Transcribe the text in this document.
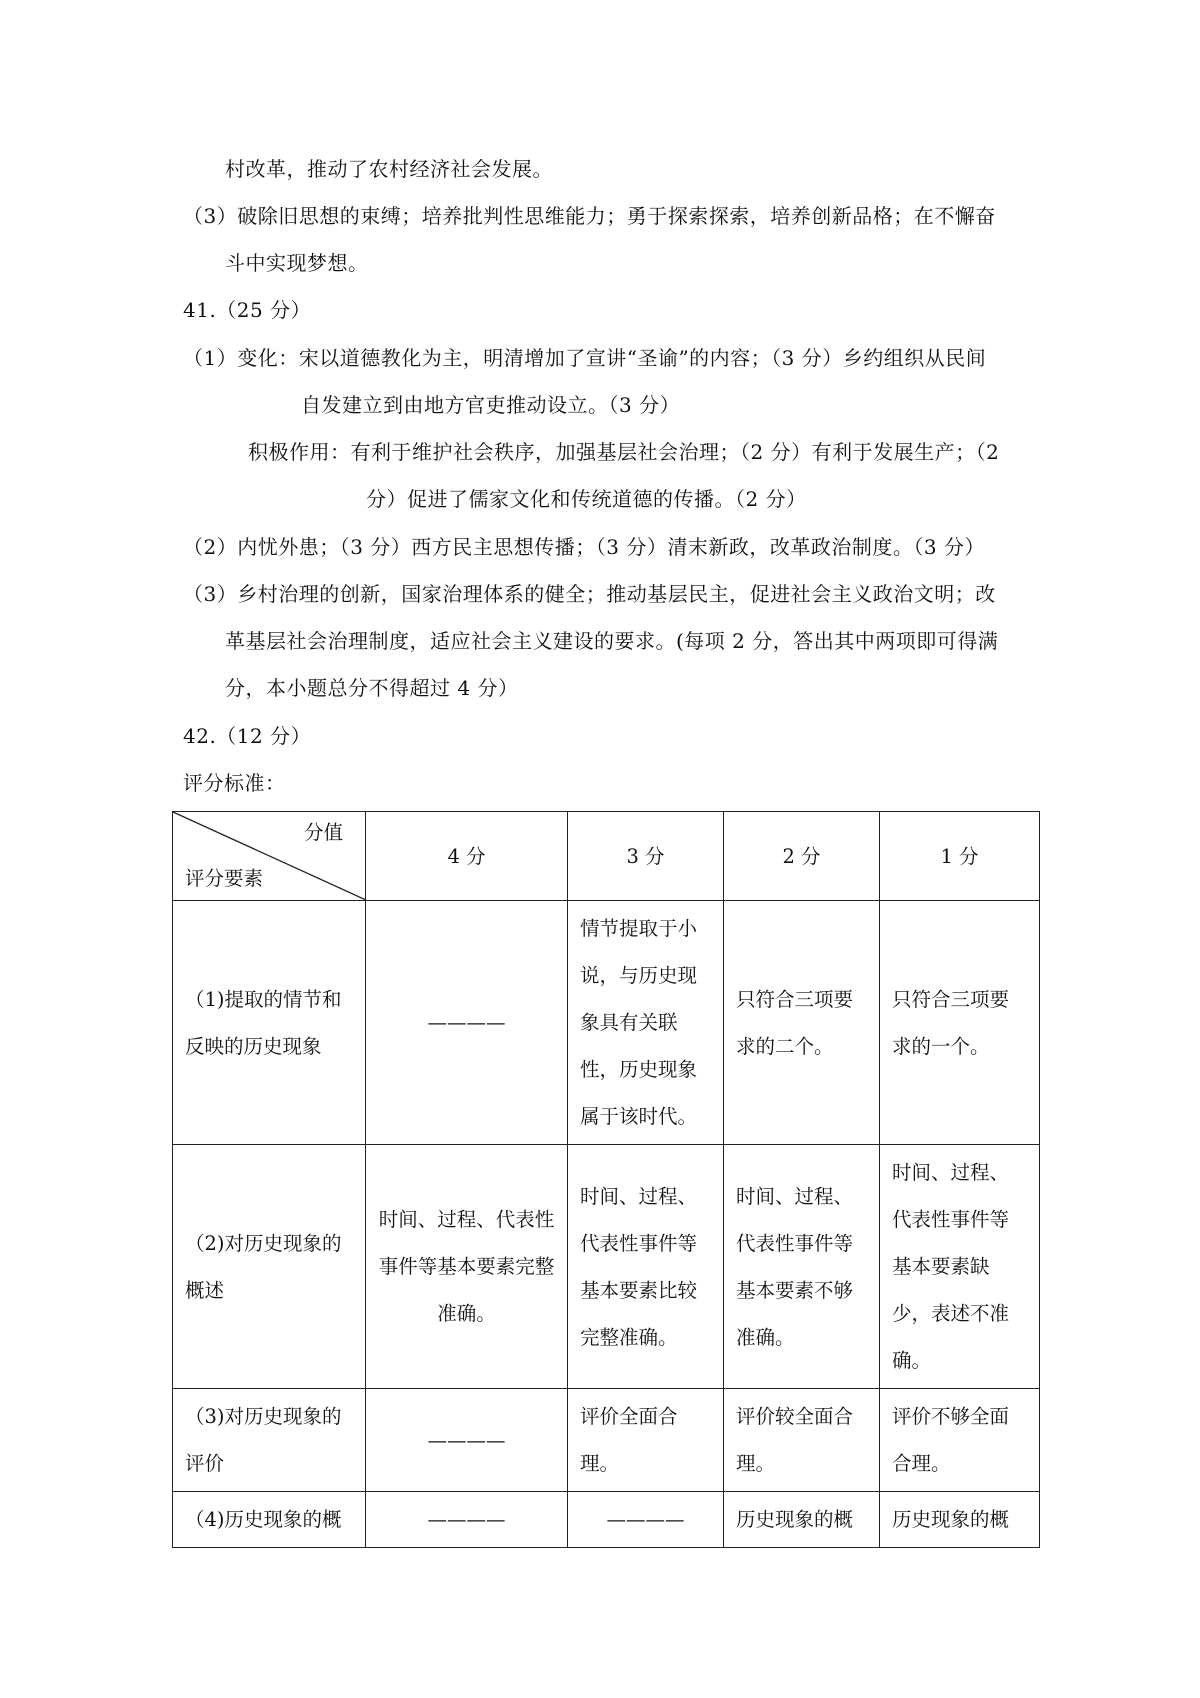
村改革，推动了农村经济社会发展。
（3）破除旧思想的束缚；培养批判性思维能力；勇于探索探索，培养创新品格；在不懈奋
斗中实现梦想。
41.（25 分）
（1）变化：宋以道德教化为主，明清增加了宣讲“圣谕”的内容；（3 分）乡约组织从民间
自发建立到由地方官吏推动设立。（3 分）
积极作用：有利于维护社会秩序，加强基层社会治理；（2 分）有利于发展生产；（2
分）促进了儒家文化和传统道德的传播。（2 分）
（2）内忧外患；（3 分）西方民主思想传播；（3 分）清末新政，改革政治制度。（3 分）
（3）乡村治理的创新，国家治理体系的健全；推动基层民主，促进社会主义政治文明；改
革基层社会治理制度，适应社会主义建设的要求。(每项 2 分，答出其中两项即可得满
分，本小题总分不得超过 4 分）
42.（12 分）
评分标准：
分值
评分要素	4 分	3 分	2 分	1 分
（1)提取的情节和反映的历史现象	————	情节提取于小说，与历史现象具有关联性，历史现象属于该时代。	只符合三项要求的二个。	只符合三项要求的一个。
（2)对历史现象的概述	时间、过程、代表性事件等基本要素完整准确。	时间、过程、代表性事件等基本要素比较完整准确。	时间、过程、代表性事件等基本要素不够准确。	时间、过程、代表性事件等基本要素缺少，表述不准确。
（3)对历史现象的评价	————	评价全面合理。	评价较全面合理。	评价不够全面合理。
（4)历史现象的概	————	————	历史现象的概	历史现象的概
